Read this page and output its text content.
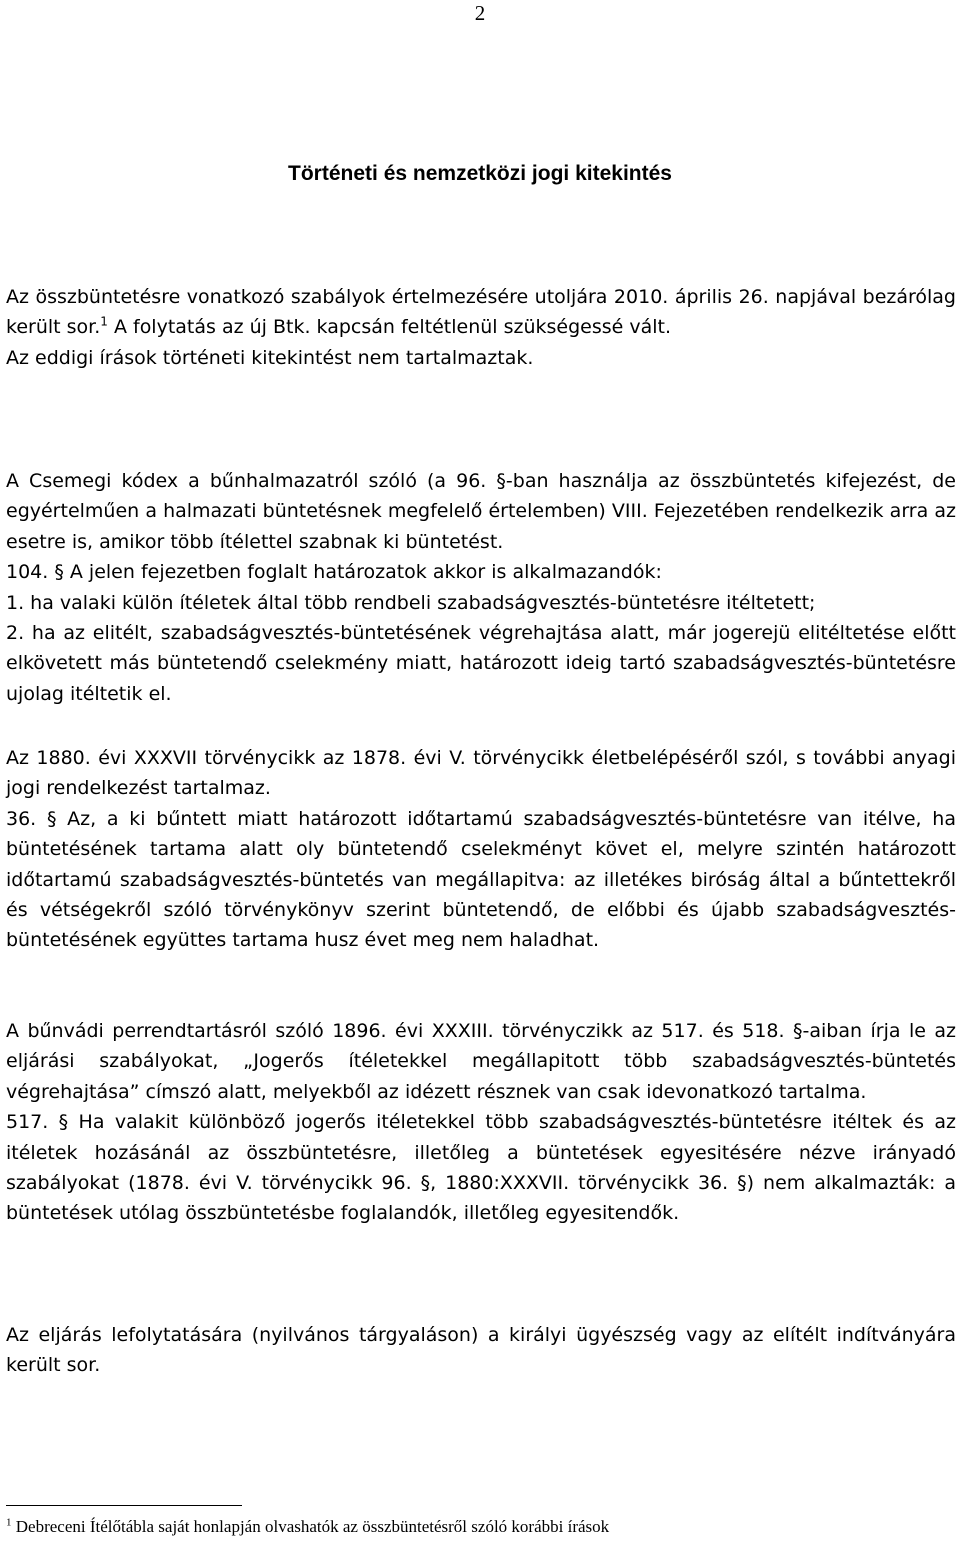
2
Történeti és nemzetközi jogi kitekintés

Az összbüntetésre vonatkozó szabályok értelmezésére utoljára 2010. április 26. napjával bezárólag került sor.$^1$ A folytatás az új Btk. kapcsán feltétlenül szükségessé vált.

Az eddigi írások történeti kitekintést nem tartalmaztak.

A Csemegi kódex a bűnhalmazatról szóló (a 96. §-ban használja az összbüntetés kifejezést, de egyértelműen a halmazati büntetésnek megfelelő értelemben) VIII. Fejezetében rendelkezik arra az esetre is, amikor több ítélettel szabnak ki büntetést.

104. § A jelen fejezetben foglalt határozatok akkor is alkalmazandók:

1. ha valaki külön ítéletek által több rendbeli szabadságvesztés-büntetésre itéltetett;

2. ha az elitélt, szabadságvesztés-büntetésének végrehajtása alatt, már jogerejü elitéltetése előtt elkövetett más büntetendő cselekmény miatt, határozott ideig tartó szabadságvesztés-büntetésre ujolag itéltetik el.

Az 1880. évi XXXVII törvénycikk az 1878. évi V. törvénycikk életbelépéséről szól, s további anyagi jogi rendelkezést tartalmaz.

36. § Az, a ki bűntett miatt határozott időtartamú szabadságvesztés-büntetésre van itélve, ha büntetésének tartama alatt oly büntetendő cselekményt követ el, melyre szintén határozott időtartamú szabadságvesztés-büntetés van megállapitva: az illetékes biróság által a bűntettekről és vétségekről szóló törvénykönyv szerint büntetendő, de előbbi és újabb szabadságvesztés-büntetésének együttes tartama husz évet meg nem haladhat.

A bűnvádi perrendtartásról szóló 1896. évi XXXIII. törvényczikk az 517. és 518. §-aiban írja le az eljárási szabályokat, „Jogerős ítéletekkel megállapitott több szabadságvesztés-büntetés végrehajtása” címszó alatt, melyekből az idézett résznek van csak idevonatkozó tartalma.

517. § Ha valakit különböző jogerős itéletekkel több szabadságvesztés-büntetésre itéltek és az itéletek hozásánál az összbüntetésre, illetőleg a büntetések egyesitésére nézve irányadó szabályokat (1878. évi V. törvénycikk 96. §, 1880:XXXVII. törvénycikk 36. §) nem alkalmazták: a büntetések utólag összbüntetésbe foglalandók, illetőleg egyesitendők.

Az eljárás lefolytatására (nyilvános tárgyaláson) a királyi ügyészség vagy az elítélt indítványára került sor.

$^1$ Debreceni Ítélőtábla saját honlapján olvashatók az összbüntetésről szóló korábbi írások
